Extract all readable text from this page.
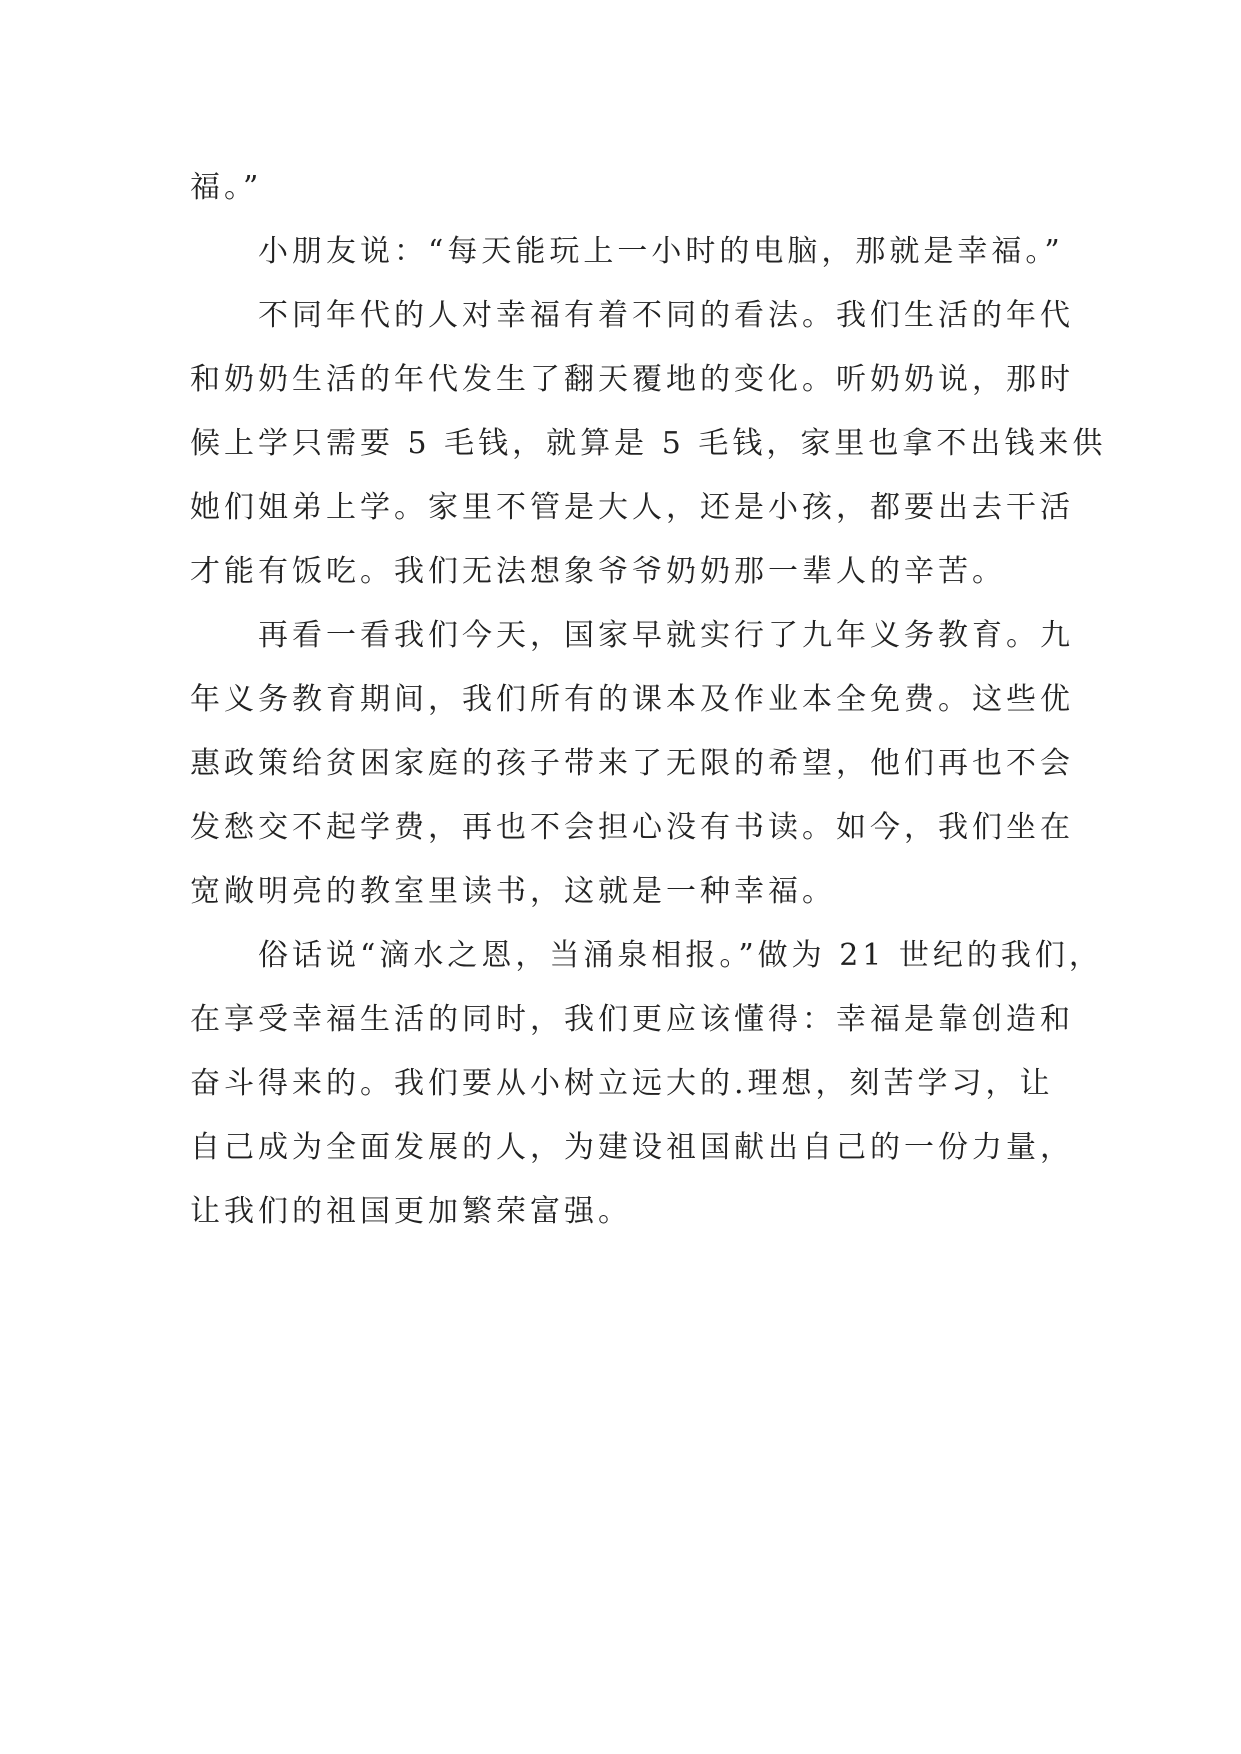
福。”
　　小朋友说：“每天能玩上一小时的电脑，那就是幸福。”
　　不同年代的人对幸福有着不同的看法。我们生活的年代
和奶奶生活的年代发生了翻天覆地的变化。听奶奶说，那时
候上学只需要 5 毛钱，就算是 5 毛钱，家里也拿不出钱来供
她们姐弟上学。家里不管是大人，还是小孩，都要出去干活
才能有饭吃。我们无法想象爷爷奶奶那一辈人的辛苦。
　　再看一看我们今天，国家早就实行了九年义务教育。九
年义务教育期间，我们所有的课本及作业本全免费。这些优
惠政策给贫困家庭的孩子带来了无限的希望，他们再也不会
发愁交不起学费，再也不会担心没有书读。如今，我们坐在
宽敞明亮的教室里读书，这就是一种幸福。
　　俗话说“滴水之恩，当涌泉相报。”做为 21 世纪的我们，
在享受幸福生活的同时，我们更应该懂得：幸福是靠创造和
奋斗得来的。我们要从小树立远大的.理想，刻苦学习，让
自己成为全面发展的人，为建设祖国献出自己的一份力量，
让我们的祖国更加繁荣富强。
